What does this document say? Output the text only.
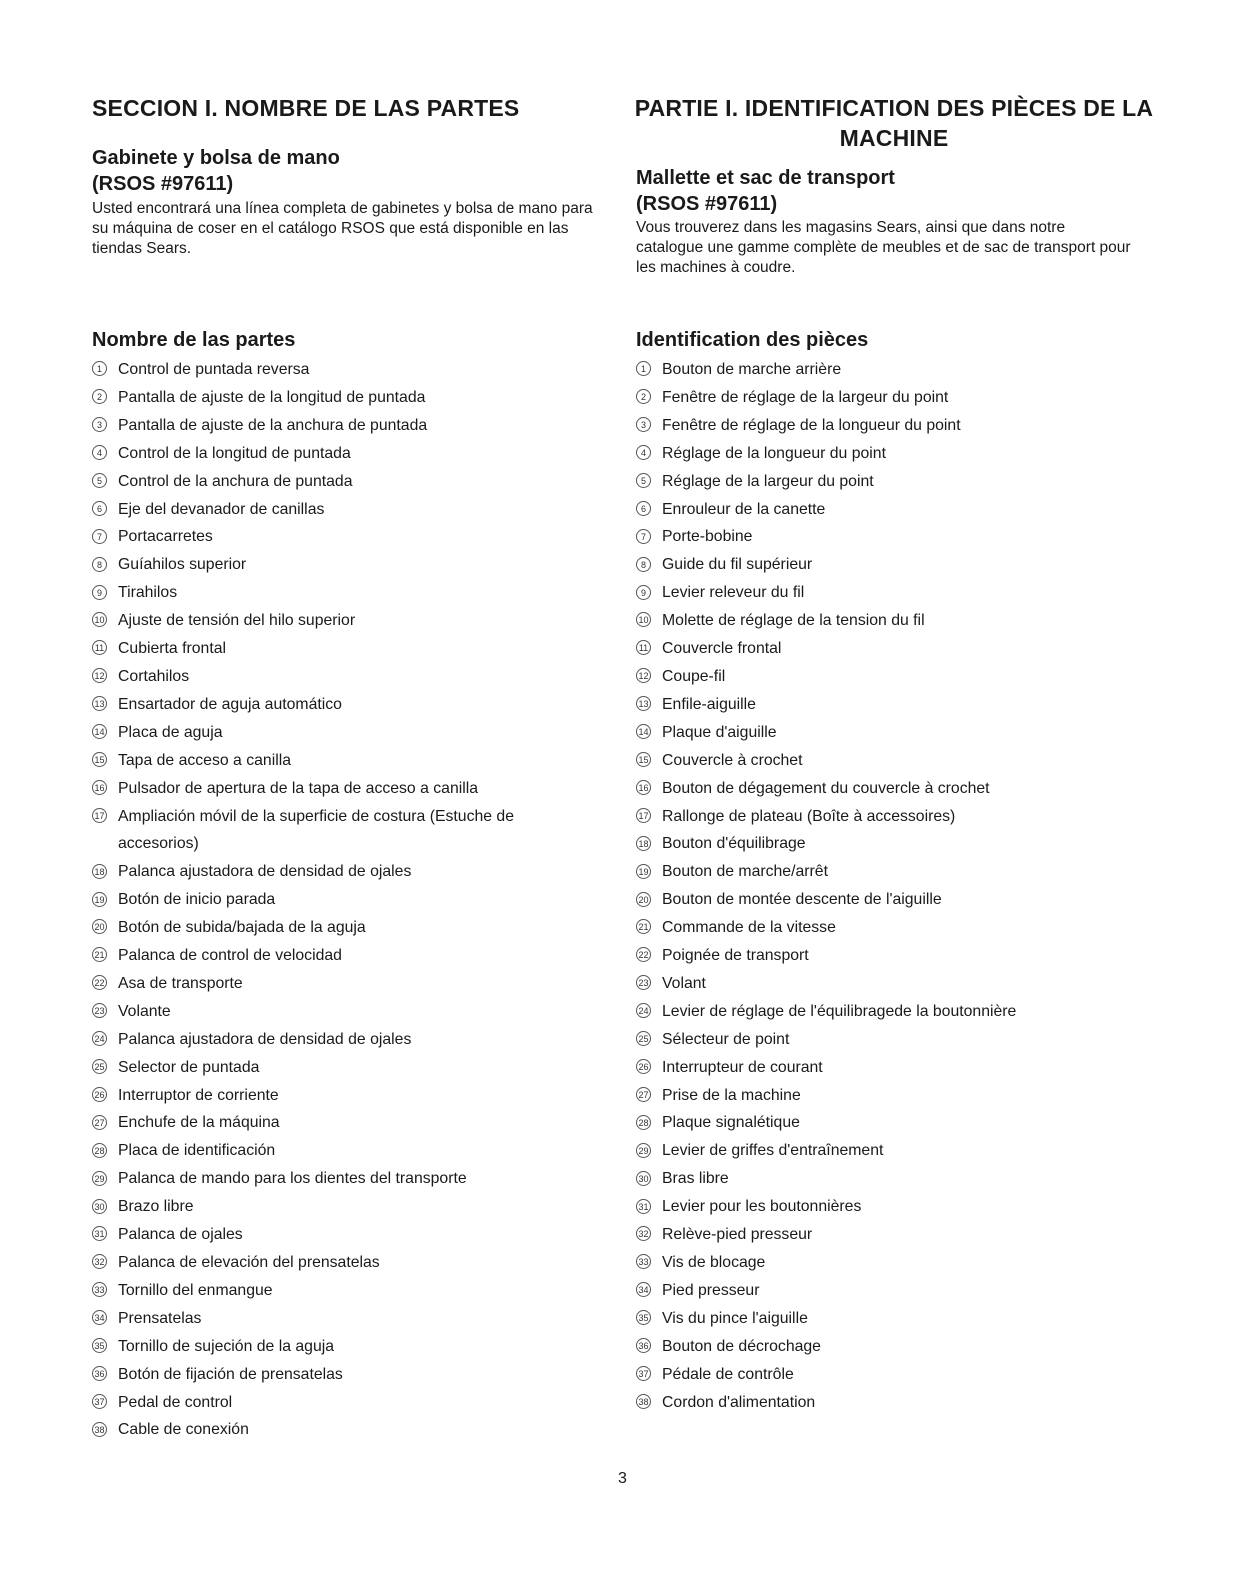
SECCION I. NOMBRE DE LAS PARTES
Gabinete y bolsa de mano
(RSOS #97611)

Usted encontrará una línea completa de gabinetes y bolsa de mano para su máquina de coser en el catálogo RSOS que está disponible en las tiendas Sears.

Nombre de las partes
1	Control de puntada reversa
2	Pantalla de ajuste de la longitud de puntada
3	Pantalla de ajuste de la anchura de puntada
4	Control de la longitud de puntada
5	Control de la anchura de puntada
6	Eje del devanador de canillas
7	Portacarretes
8	Guíahilos superior
9	Tirahilos
10 Ajuste de tensión del hilo superior
11 Cubierta frontal
12 Cortahilos
13 Ensartador de aguja automático
14 Placa de aguja
15 Tapa de acceso a canilla
16 Pulsador de apertura de la tapa de acceso a canilla
17 Ampliación móvil de la superficie de costura (Estuche de accesorios)
18 Palanca ajustadora de densidad de ojales
19 Botón de inicio parada
20 Botón de subida/bajada de la aguja
21 Palanca de control de velocidad
22 Asa de transporte
23 Volante
24 Palanca ajustadora de densidad de ojales
25 Selector de puntada
26 Interruptor de corriente
27 Enchufe de la máquina
28 Placa de identificación
29 Palanca de mando para los dientes del transporte
30 Brazo libre
31 Palanca de ojales
32 Palanca de elevación del prensatelas
33 Tornillo del enmangue
34 Prensatelas
35 Tornillo de sujeción de la aguja
36 Botón de fijación de prensatelas
37 Pedal de control
38 Cable de conexión
PARTIE I. IDENTIFICATION DES PIÈCES DE LA MACHINE
Mallette et sac de transport
(RSOS #97611)

Vous trouverez dans les magasins Sears, ainsi que dans notre catalogue une gamme complète de meubles et de sac de transport pour les machines à coudre.

Identification des pièces
1	Bouton de marche arrière
2	Fenêtre de réglage de la largeur du point
3	Fenêtre de réglage de la longueur du point
4	Réglage de la longueur du point
5	Réglage de la largeur du point
6	Enrouleur de la canette
7	Porte-bobine
8	Guide du fil supérieur
9	Levier releveur du fil
10 Molette de réglage de la tension du fil
11 Couvercle frontal
12 Coupe-fil
13 Enfile-aiguille
14 Plaque d'aiguille
15 Couvercle à crochet
16 Bouton de dégagement du couvercle à crochet
17 Rallonge de plateau (Boîte à accessoires)
18 Bouton d'équilibrage
19 Bouton de marche/arrêt
20 Bouton de montée descente de l'aiguille
21 Commande de la vitesse
22 Poignée de transport
23 Volant
24 Levier de réglage de l'équilibragede la boutonnière
25 Sélecteur de point
26 Interrupteur de courant
27 Prise de la machine
28 Plaque signalétique
29 Levier de griffes d'entraînement
30 Bras libre
31 Levier pour les boutonnières
32 Relève-pied presseur
33 Vis de blocage
34 Pied presseur
35 Vis du pince l'aiguille
36 Bouton de décrochage
37 Pédale de contrôle
38 Cordon d'alimentation
3
